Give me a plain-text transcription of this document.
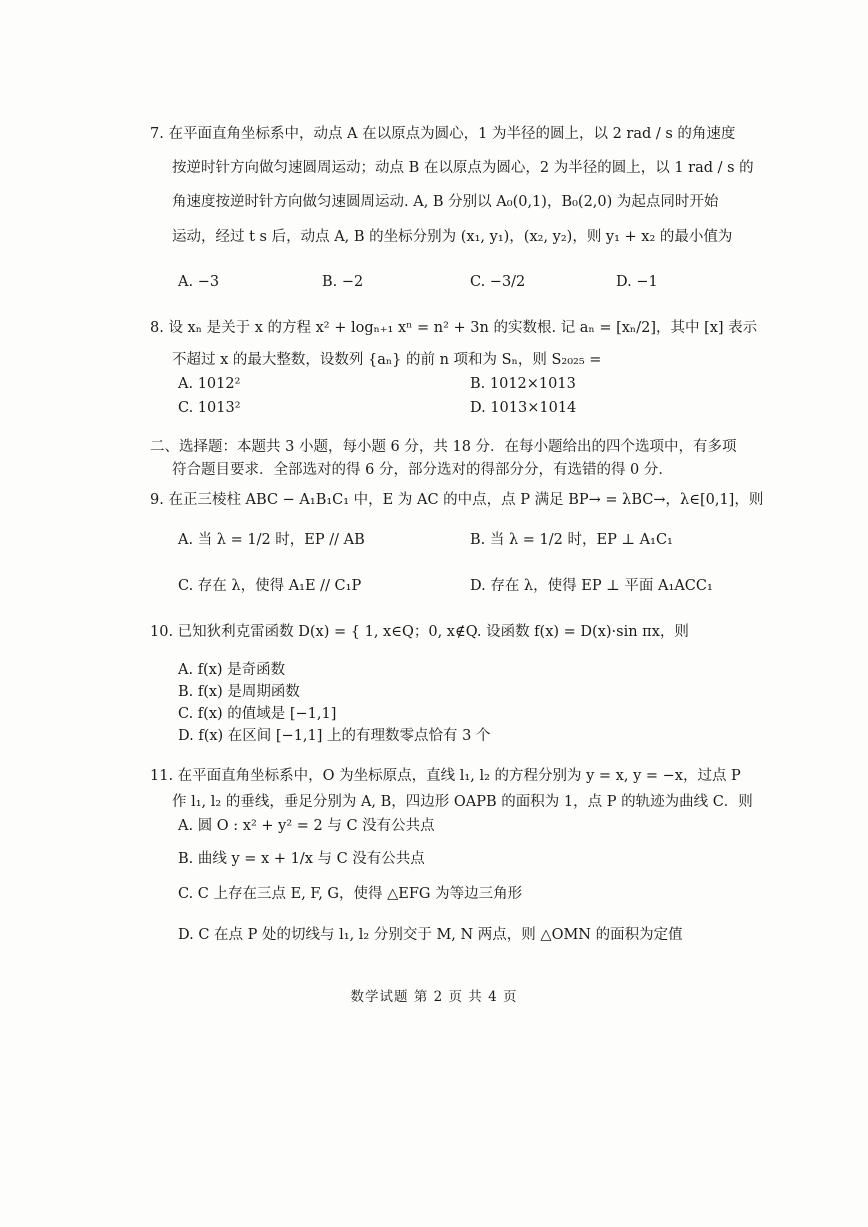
7. 在平面直角坐标系中，动点 A 在以原点为圆心，1 为半径的圆上，以 2 rad / s 的角速度
按逆时针方向做匀速圆周运动；动点 B 在以原点为圆心，2 为半径的圆上，以 1 rad / s 的
角速度按逆时针方向做匀速圆周运动. A, B 分别以 A₀(0,1)，B₀(2,0) 为起点同时开始
运动，经过 t s 后，动点 A, B 的坐标分别为 (x₁, y₁)，(x₂, y₂)，则 y₁ + x₂ 的最小值为
A. −3	B. −2	C. −3/2	D. −1
8. 设 xₙ 是关于 x 的方程 x² + logₙ₊₁ xⁿ = n² + 3n 的实数根. 记 aₙ = [xₙ/2]，其中 [x] 表示
不超过 x 的最大整数，设数列 {aₙ} 的前 n 项和为 Sₙ，则 S₂₀₂₅ =
A. 1012²	B. 1012×1013
C. 1013²	D. 1013×1014
二、选择题：本题共 3 小题，每小题 6 分，共 18 分．在每小题给出的四个选项中，有多项
符合题目要求．全部选对的得 6 分，部分选对的得部分分，有选错的得 0 分．
9. 在正三棱柱 ABC − A₁B₁C₁ 中，E 为 AC 的中点，点 P 满足 BP→ = λBC→，λ∈[0,1]，则
A. 当 λ = 1/2 时，EP // AB	B. 当 λ = 1/2 时，EP ⊥ A₁C₁
C. 存在 λ，使得 A₁E // C₁P	D. 存在 λ，使得 EP ⊥ 平面 A₁ACC₁
10. 已知狄利克雷函数 D(x) = { 1, x∈Q；0, x∉Q. 设函数 f(x) = D(x)·sin πx，则
A. f(x) 是奇函数
B. f(x) 是周期函数
C. f(x) 的值域是 [−1,1]
D. f(x) 在区间 [−1,1] 上的有理数零点恰有 3 个
11. 在平面直角坐标系中，O 为坐标原点，直线 l₁, l₂ 的方程分别为 y = x, y = −x，过点 P
作 l₁, l₂ 的垂线，垂足分别为 A, B，四边形 OAPB 的面积为 1，点 P 的轨迹为曲线 C．则
A. 圆 O : x² + y² = 2 与 C 没有公共点
B. 曲线 y = x + 1/x 与 C 没有公共点
C. C 上存在三点 E, F, G，使得 △EFG 为等边三角形
D. C 在点 P 处的切线与 l₁, l₂ 分别交于 M, N 两点，则 △OMN 的面积为定值
数学试题 第 2 页 共 4 页
